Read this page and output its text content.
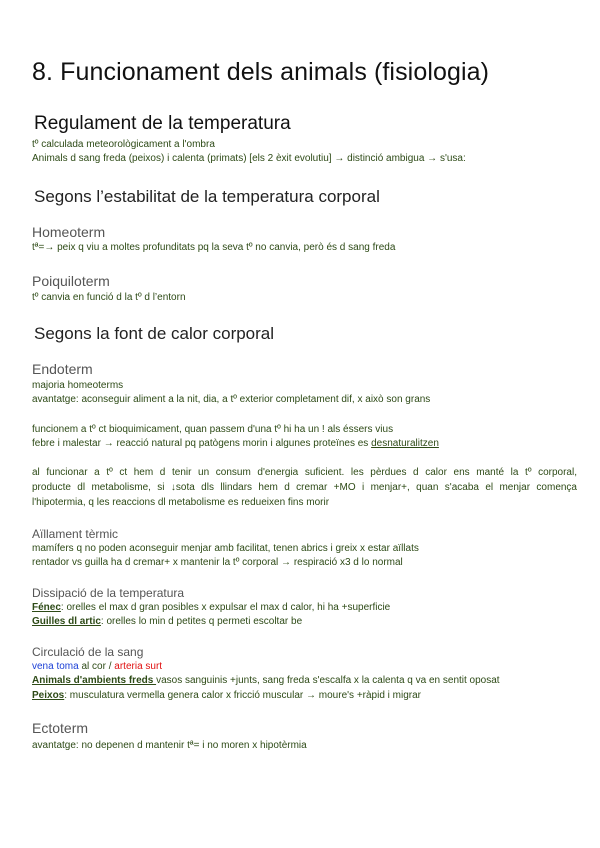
8. Funcionament dels animals (fisiologia)
Regulament de la temperatura
tº calculada meteorològicament a l'ombra
Animals d sang freda (peixos) i calenta (primats) [els 2 èxit evolutiu] → distinció ambigua → s'usa:
Segons l’estabilitat de la temperatura corporal
Homeoterm
tª=→ peix q viu a moltes profunditats pq la seva tº no canvia, però és d sang freda
Poiquiloterm
tº canvia en funció d la tº d l’entorn
Segons la font de calor corporal
Endoterm
majoria homeoterms
avantatge: aconseguir aliment a la nit, dia, a tº exterior completament dif, x això son grans
funcionem a tº ct bioquimicament, quan passem d'una tº hi ha un ! als éssers vius
febre i malestar → reacció natural pq patògens morin i algunes proteïnes es desnaturalitzen
al funcionar a tº ct hem d tenir un consum d'energia suficient. les pèrdues d calor ens manté la tº corporal,
producte dl metabolisme, si ↓sota dls llindars hem d cremar +MO i menjar+, quan s'acaba el menjar comença
l'hipotermia, q les reaccions dl metabolisme es redueixen fins morir
Aïllament tèrmic
mamífers q no poden aconseguir menjar amb facilitat, tenen abrics i greix x estar aïllats
rentador vs guilla ha d cremar+ x mantenir la tº corporal → respiració x3 d lo normal
Dissipació de la temperatura
Fénec: orelles el max d gran posibles x expulsar el max d calor, hi ha +superficie
Guilles dl artic: orelles lo min d petites q permeti escoltar be
Circulació de la sang
vena toma al cor / arteria surt
Animals d'ambients freds vasos sanguinis +junts, sang freda s'escalfa x la calenta q va en sentit oposat
Peixos: musculatura vermella genera calor x fricció muscular → moure's +ràpid i migrar
Ectoterm
avantatge: no depenen d mantenir tª= i no moren x hipotèrmia
